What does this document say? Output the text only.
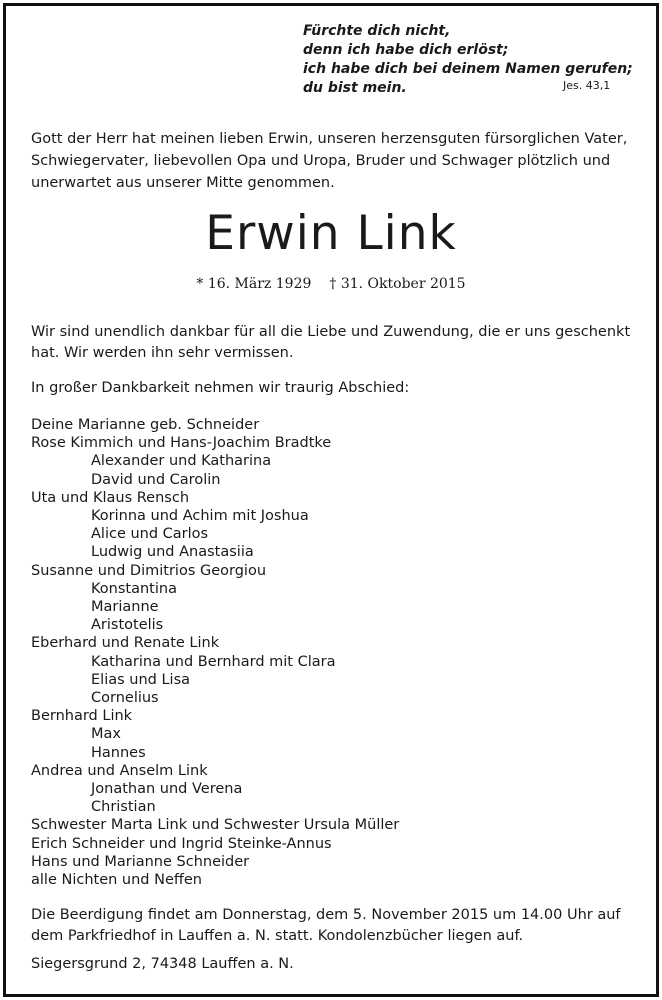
Fürchte dich nicht,
denn ich habe dich erlöst;
ich habe dich bei deinem Namen gerufen;
du bist mein.	Jes. 43,1
Gott der Herr hat meinen lieben Erwin, unseren herzensguten fürsorglichen Vater,
Schwiegervater, liebevollen Opa und Uropa, Bruder und Schwager plötzlich und
unerwartet aus unserer Mitte genommen.
Erwin Link
* 16. März 1929 † 31. Oktober 2015
Wir sind unendlich dankbar für all die Liebe und Zuwendung, die er uns geschenkt
hat. Wir werden ihn sehr vermissen.
In großer Dankbarkeit nehmen wir traurig Abschied:
Deine Marianne geb. Schneider
Rose Kimmich und Hans-Joachim Bradtke
Alexander und Katharina
David und Carolin
Uta und Klaus Rensch
Korinna und Achim mit Joshua
Alice und Carlos
Ludwig und Anastasiia
Susanne und Dimitrios Georgiou
Konstantina
Marianne
Aristotelis
Eberhard und Renate Link
Katharina und Bernhard mit Clara
Elias und Lisa
Cornelius
Bernhard Link
Max
Hannes
Andrea und Anselm Link
Jonathan und Verena
Christian
Schwester Marta Link und Schwester Ursula Müller
Erich Schneider und Ingrid Steinke-Annus
Hans und Marianne Schneider
alle Nichten und Neffen
Die Beerdigung findet am Donnerstag, dem 5. November 2015 um 14.00 Uhr auf
dem Parkfriedhof in Lauffen a. N. statt. Kondolenzbücher liegen auf.
Siegersgrund 2, 74348 Lauffen a. N.
